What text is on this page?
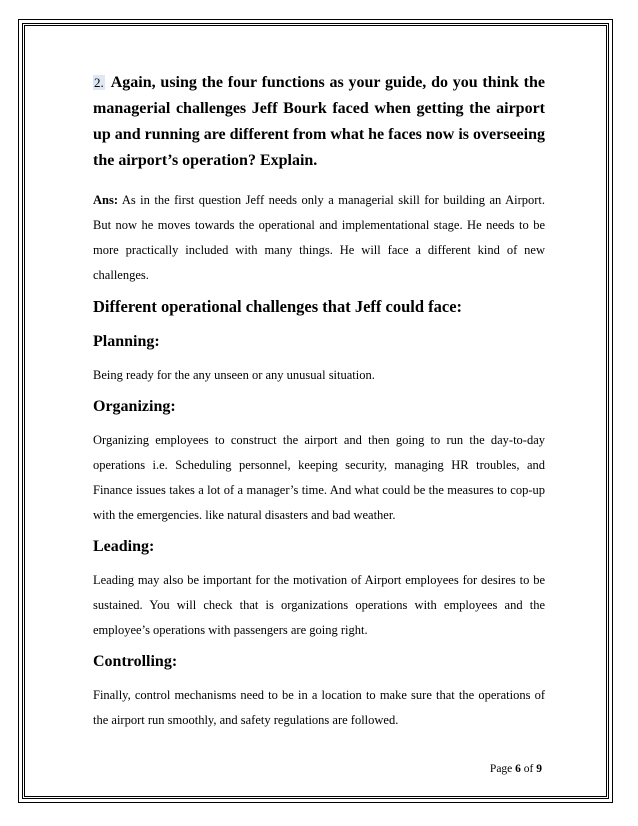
2. Again, using the four functions as your guide, do you think the managerial challenges Jeff Bourk faced when getting the airport up and running are different from what he faces now is overseeing the airport’s operation? Explain.

Ans: As in the first question Jeff needs only a managerial skill for building an Airport. But now he moves towards the operational and implementational stage. He needs to be more practically included with many things. He will face a different kind of new challenges.

Different operational challenges that Jeff could face:
Planning:

Being ready for the any unseen or any unusual situation.

Organizing:

Organizing employees to construct the airport and then going to run the day-to-day operations i.e. Scheduling personnel, keeping security, managing HR troubles, and Finance issues takes a lot of a manager’s time. And what could be the measures to cop-up with the emergencies. like natural disasters and bad weather.

Leading:

Leading may also be important for the motivation of Airport employees for desires to be sustained. You will check that is organizations operations with employees and the employee’s operations with passengers are going right.

Controlling:

Finally, control mechanisms need to be in a location to make sure that the operations of the airport run smoothly, and safety regulations are followed.

Page 6 of 9
